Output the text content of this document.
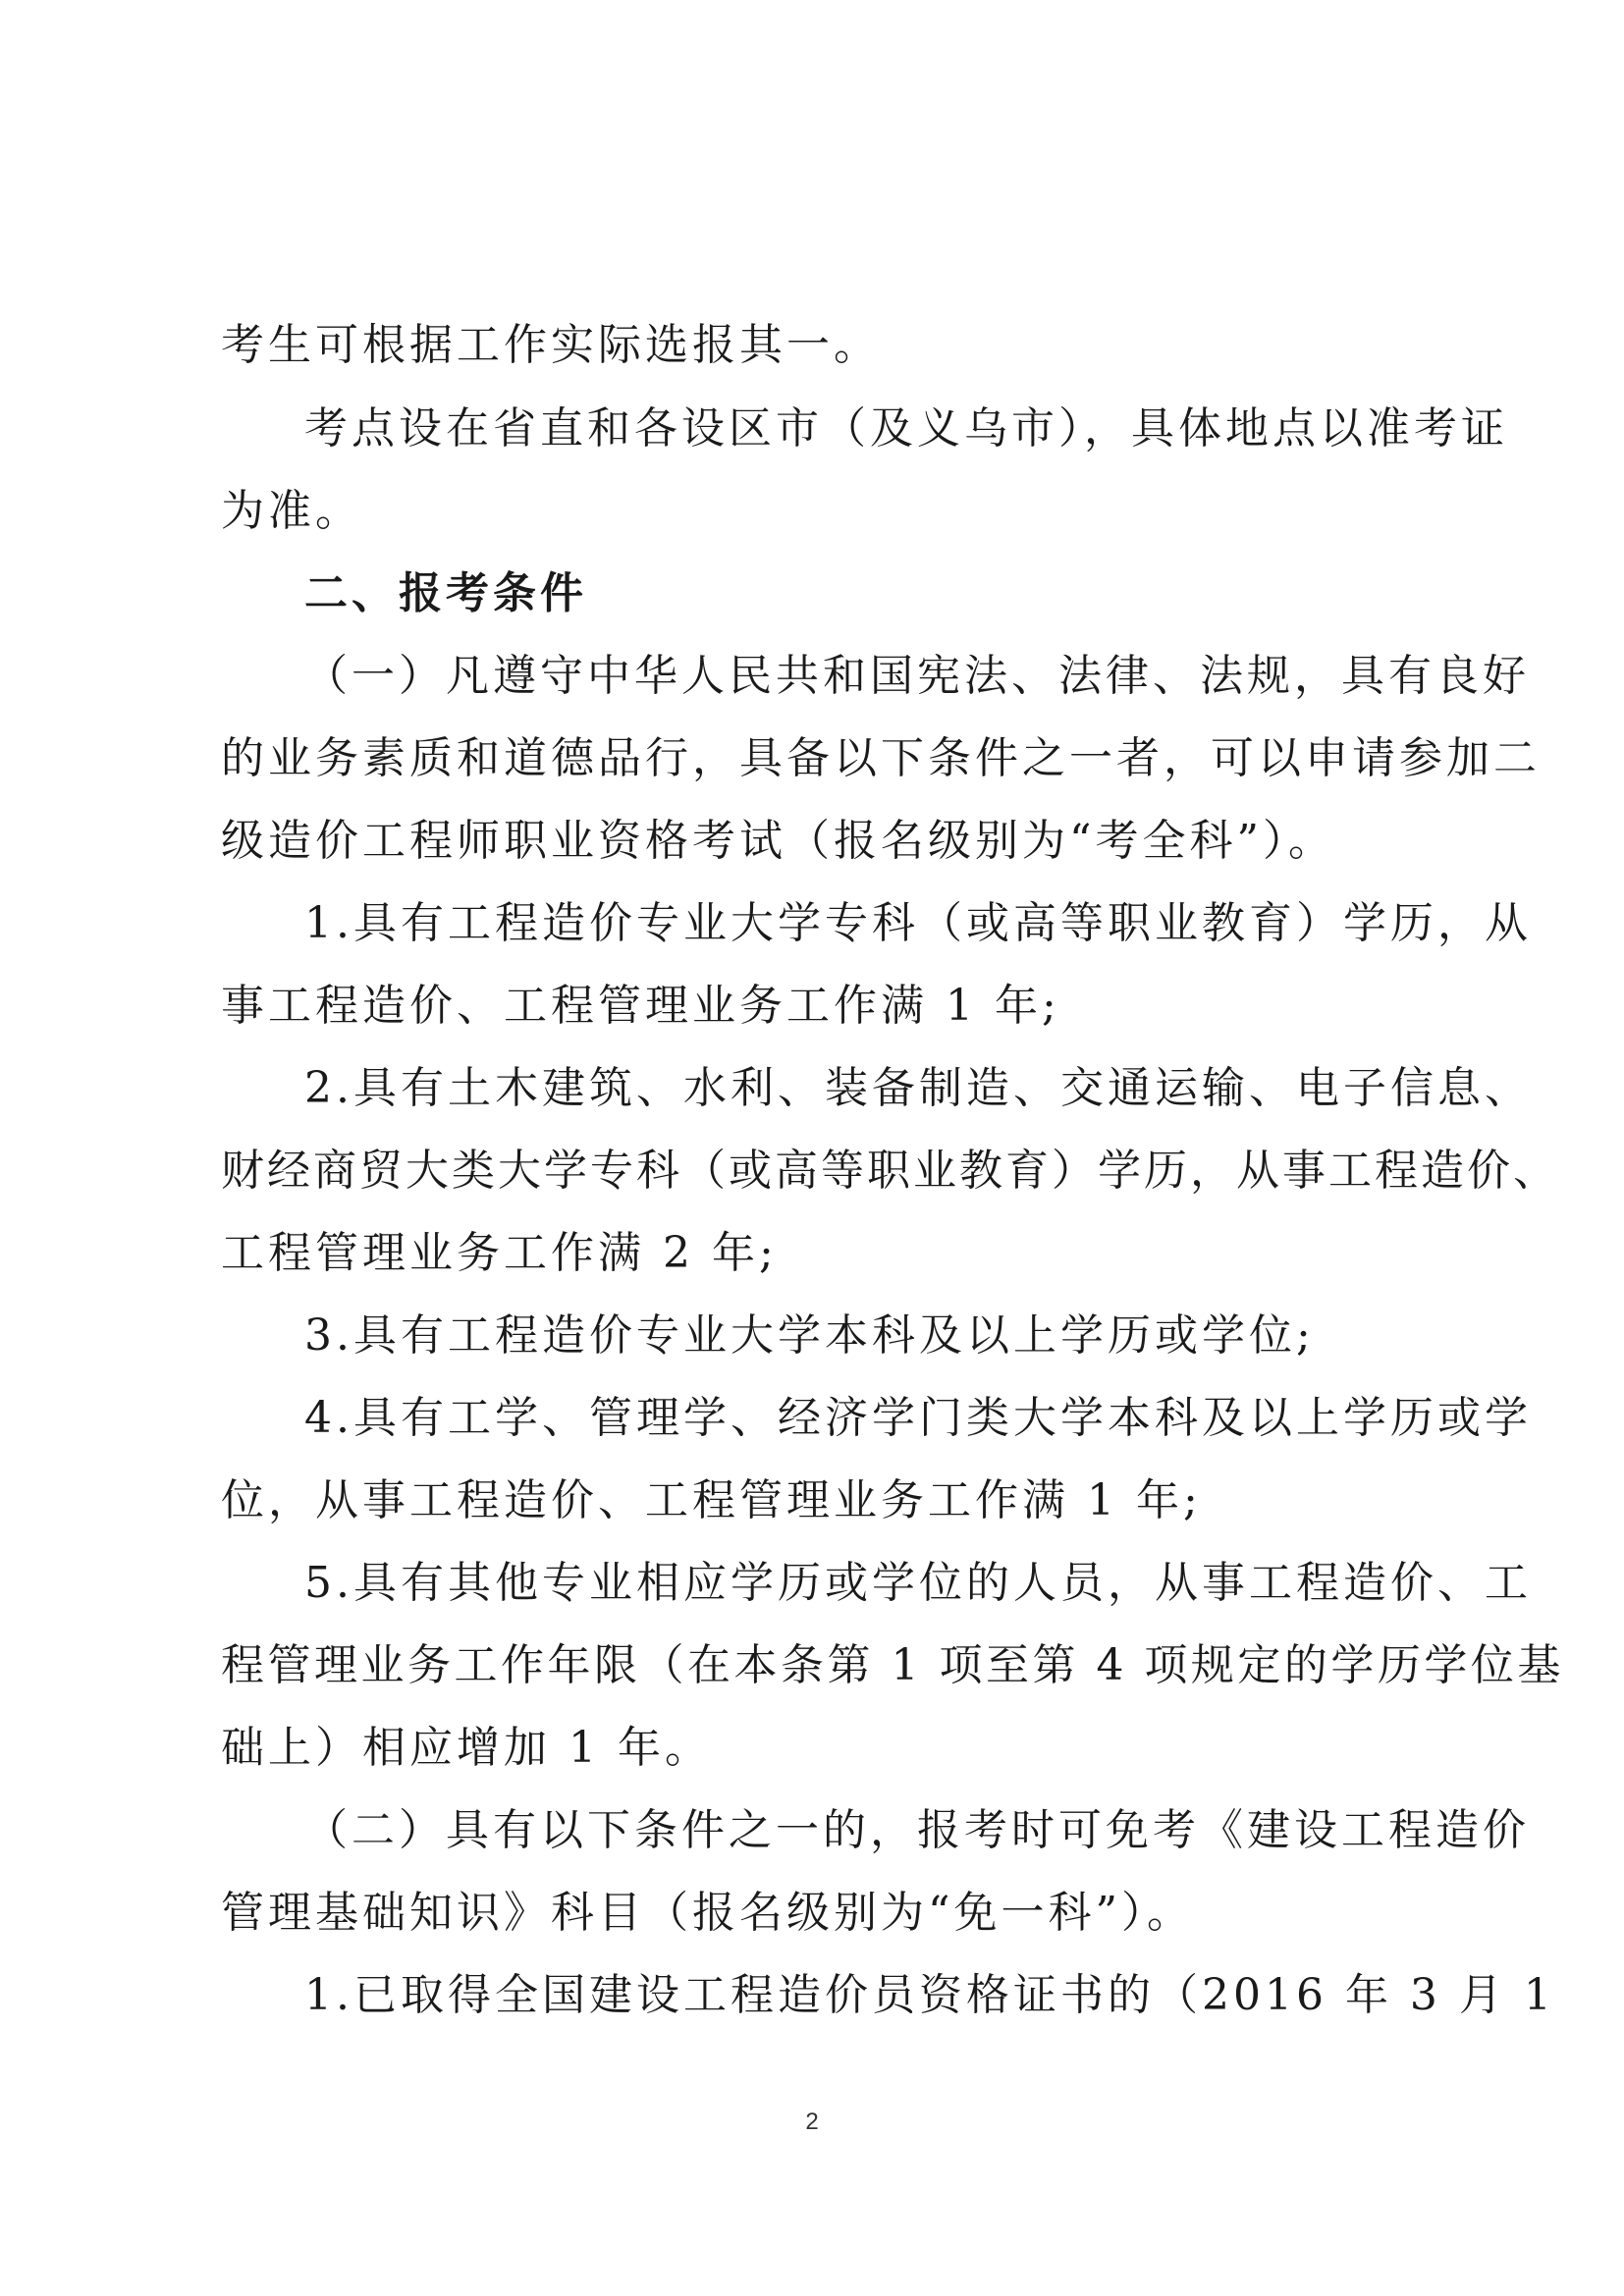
考生可根据工作实际选报其一。

考点设在省直和各设区市（及义乌市），具体地点以准考证

为准。

二、报考条件

（一）凡遵守中华人民共和国宪法、法律、法规，具有良好

的业务素质和道德品行，具备以下条件之一者，可以申请参加二

级造价工程师职业资格考试（报名级别为“考全科”）。

1.具有工程造价专业大学专科（或高等职业教育）学历，从

事工程造价、工程管理业务工作满 1 年;

2.具有土木建筑、水利、装备制造、交通运输、电子信息、

财经商贸大类大学专科（或高等职业教育）学历，从事工程造价、

工程管理业务工作满 2 年;

3.具有工程造价专业大学本科及以上学历或学位;

4.具有工学、管理学、经济学门类大学本科及以上学历或学

位，从事工程造价、工程管理业务工作满 1 年;

5.具有其他专业相应学历或学位的人员，从事工程造价、工

程管理业务工作年限（在本条第 1 项至第 4 项规定的学历学位基

础上）相应增加 1 年。

（二）具有以下条件之一的，报考时可免考《建设工程造价

管理基础知识》科目（报名级别为“免一科”）。

1.已取得全国建设工程造价员资格证书的（2016 年 3 月 1

2
